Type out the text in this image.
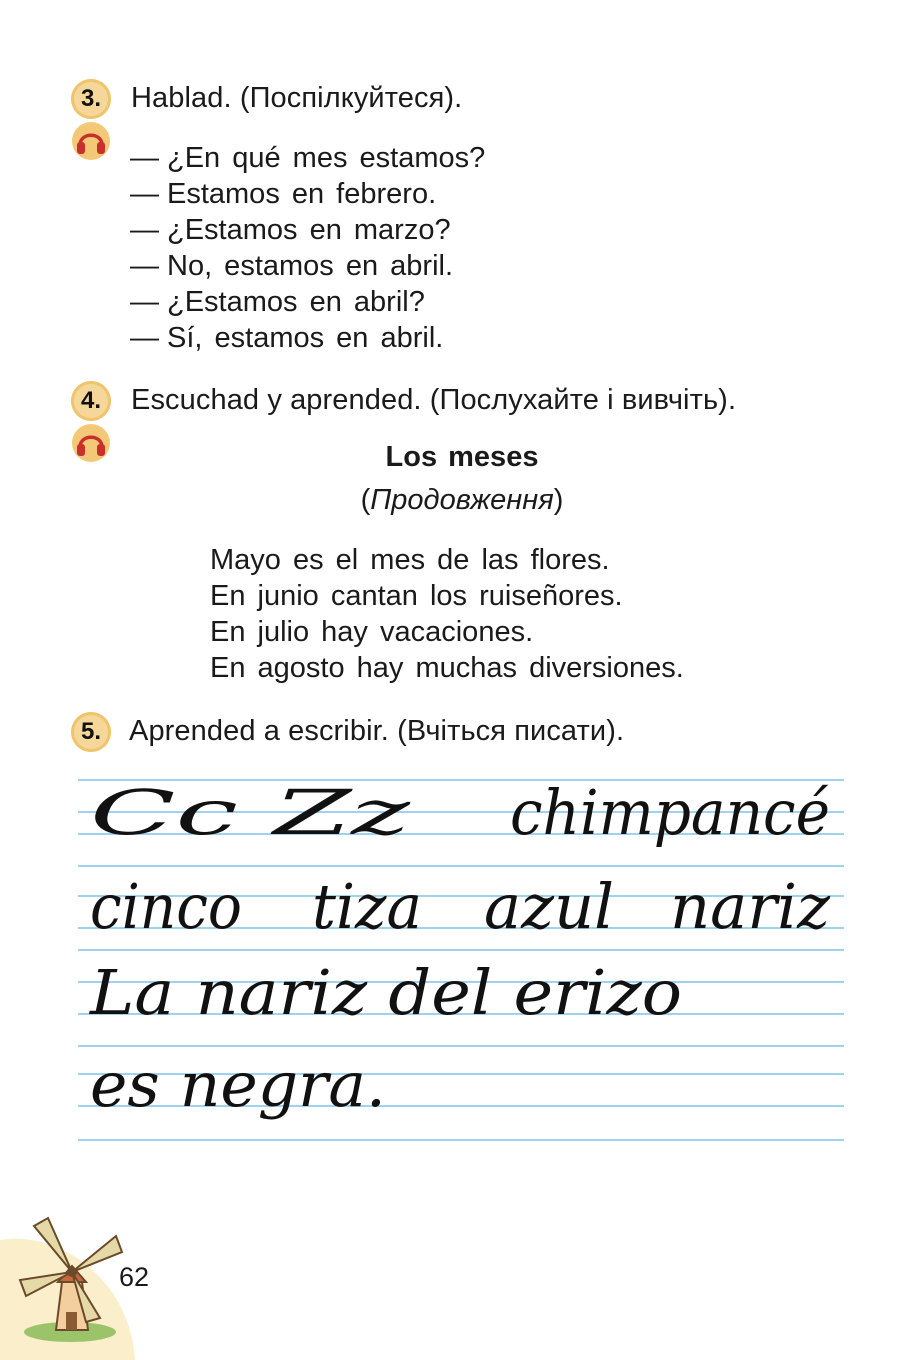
3.	Hablad. (Поспілкуйтеся).
— ¿En qué mes estamos?
— Estamos en febrero.
— ¿Estamos en marzo?
— No, estamos en abril.
— ¿Estamos en abril?
— Sí, estamos en abril.
4.	Escuchad y aprended. (Послухайте і вивчіть).
Los meses
(Продовження)
Mayo es el mes de las flores.
En junio cantan los ruiseñores.
En julio hay vacaciones.
En agosto hay muchas diversiones.
5. Aprended a escribir. (Вчіться писати).
Cc Zz chimpancé
cinco tiza azul nariz
La nariz del erizo
es negra.
62
